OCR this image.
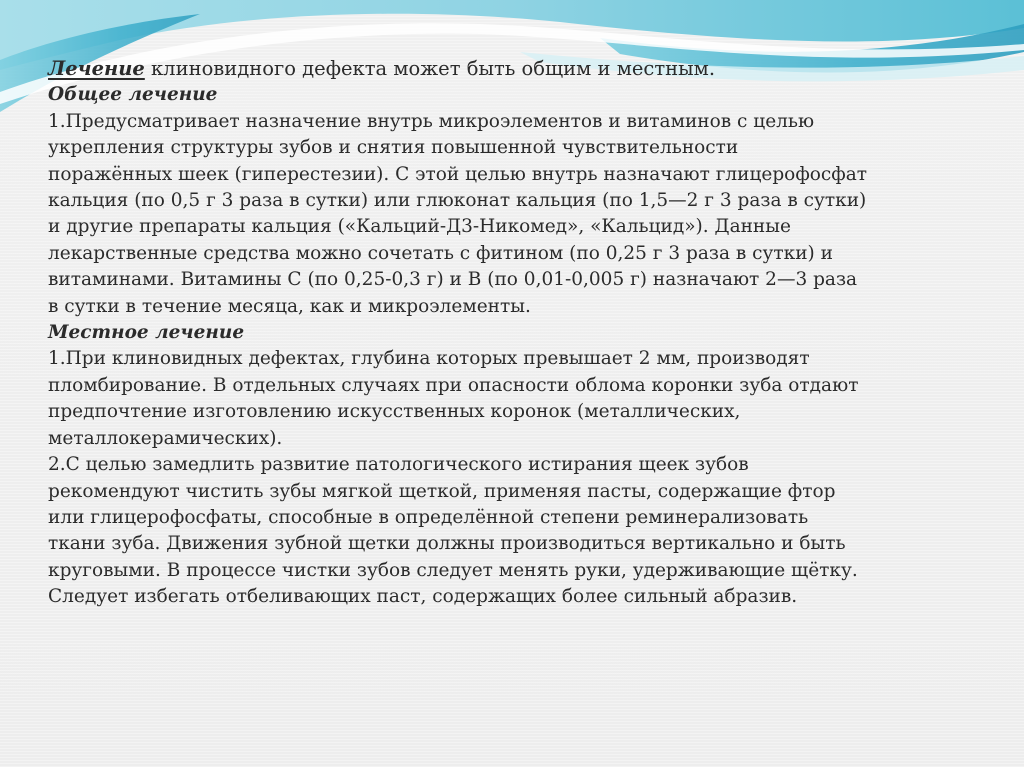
Лечение клиновидного дефекта может быть общим и местным.

Общее лечение

1.Предусматривает назначение внутрь микроэлементов и витаминов с целью укрепления структуры зубов и снятия повышенной чувствительности поражённых шеек (гиперестезии). С этой целью внутрь назначают глицерофосфат кальция (по 0,5 г 3 раза в сутки) или глюконат кальция (по 1,5—2 г 3 раза в сутки) и другие препараты кальция («Кальций-Д3-Никомед», «Кальцид»). Данные лекарственные средства можно сочетать с фитином (по 0,25 г 3 раза в сутки) и витаминами. Витамины С (по 0,25-0,3 г) и В (по 0,01-0,005 г) назначают 2—3 раза в сутки в течение месяца, как и микроэлементы.

Местное лечение

1.При клиновидных дефектах, глубина которых превышает 2 мм, производят пломбирование. В отдельных случаях при опасности облома коронки зуба отдают предпочтение изготовлению искусственных коронок (металлических, металлокерамических).

2.С целью замедлить развитие патологического истирания щеек зубов рекомендуют чистить зубы мягкой щеткой, применяя пасты, содержащие фтор или глицерофосфаты, способные в определённой степени реминерализовать ткани зуба. Движения зубной щетки должны производиться вертикально и быть круговыми. В процессе чистки зубов следует менять руки, удерживающие щётку. Следует избегать отбеливающих паст, содержащих более сильный абразив.
